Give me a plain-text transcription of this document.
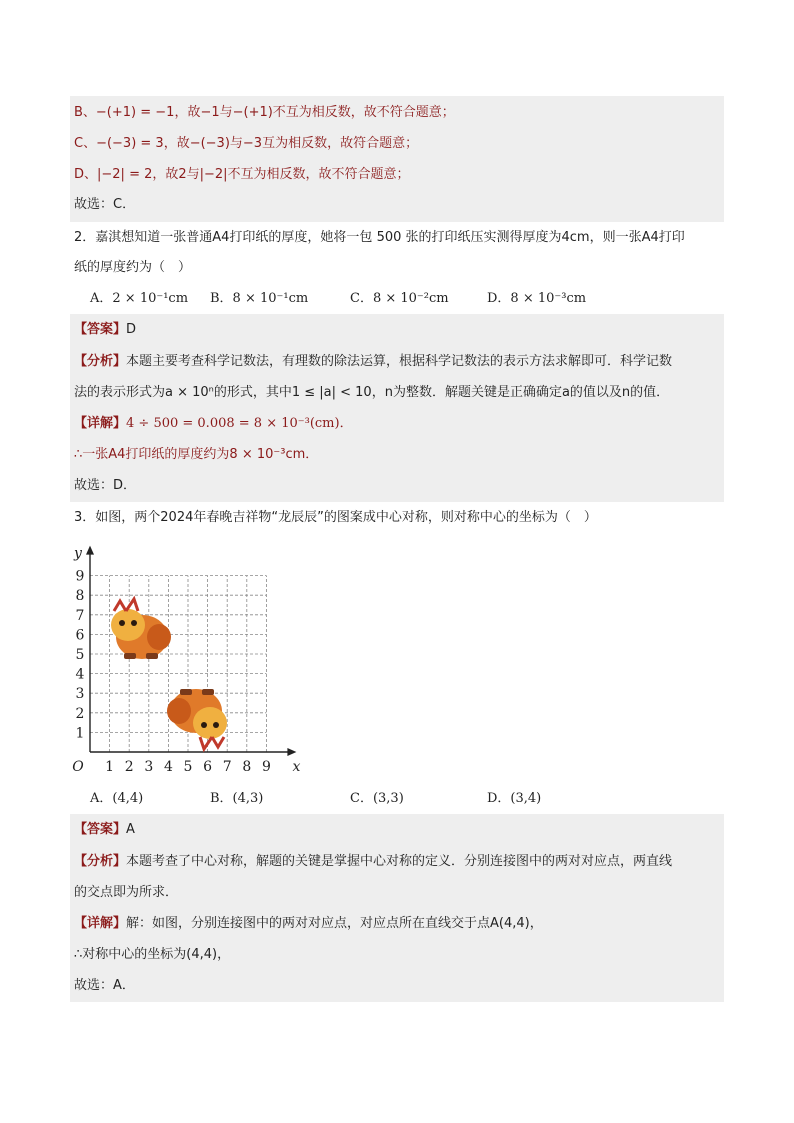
B、−(+1) = −1，故−1与−(+1)不互为相反数，故不符合题意；
C、−(−3) = 3，故−(−3)与−3互为相反数，故符合题意；
D、|−2| = 2，故2与|−2|不互为相反数，故不符合题意；
故选：C．
2．嘉淇想知道一张普通A4打印纸的厚度，她将一包 500 张的打印纸压实测得厚度为4cm，则一张A4打印
纸的厚度约为（　）
A．2 × 10⁻¹cm B．8 × 10⁻¹cm	C．8 × 10⁻²cm	D．8 × 10⁻³cm
【答案】D
【分析】本题主要考查科学记数法，有理数的除法运算，根据科学记数法的表示方法求解即可．科学记数
法的表示形式为a × 10ⁿ的形式，其中1 ≤ |a| < 10，n为整数．解题关键是正确确定a的值以及n的值．
【详解】4 ÷ 500 = 0.008 = 8 × 10⁻³(cm)．
∴一张A4打印纸的厚度约为8 × 10⁻³cm．
故选：D．
3．如图，两个2024年春晚吉祥物“龙辰辰”的图案成中心对称，则对称中心的坐标为（　）
1 2 3 4 5 6 7 8 9
1
2
3
4
5
6
7
8
9
O	x
y
A．(4,4)	B．(4,3)	C．(3,3)	D．(3,4)
【答案】A
【分析】本题考查了中心对称，解题的关键是掌握中心对称的定义．分别连接图中的两对对应点，两直线
的交点即为所求．
【详解】解：如图，分别连接图中的两对对应点，对应点所在直线交于点A(4,4)，
∴对称中心的坐标为(4,4)，
故选：A．
